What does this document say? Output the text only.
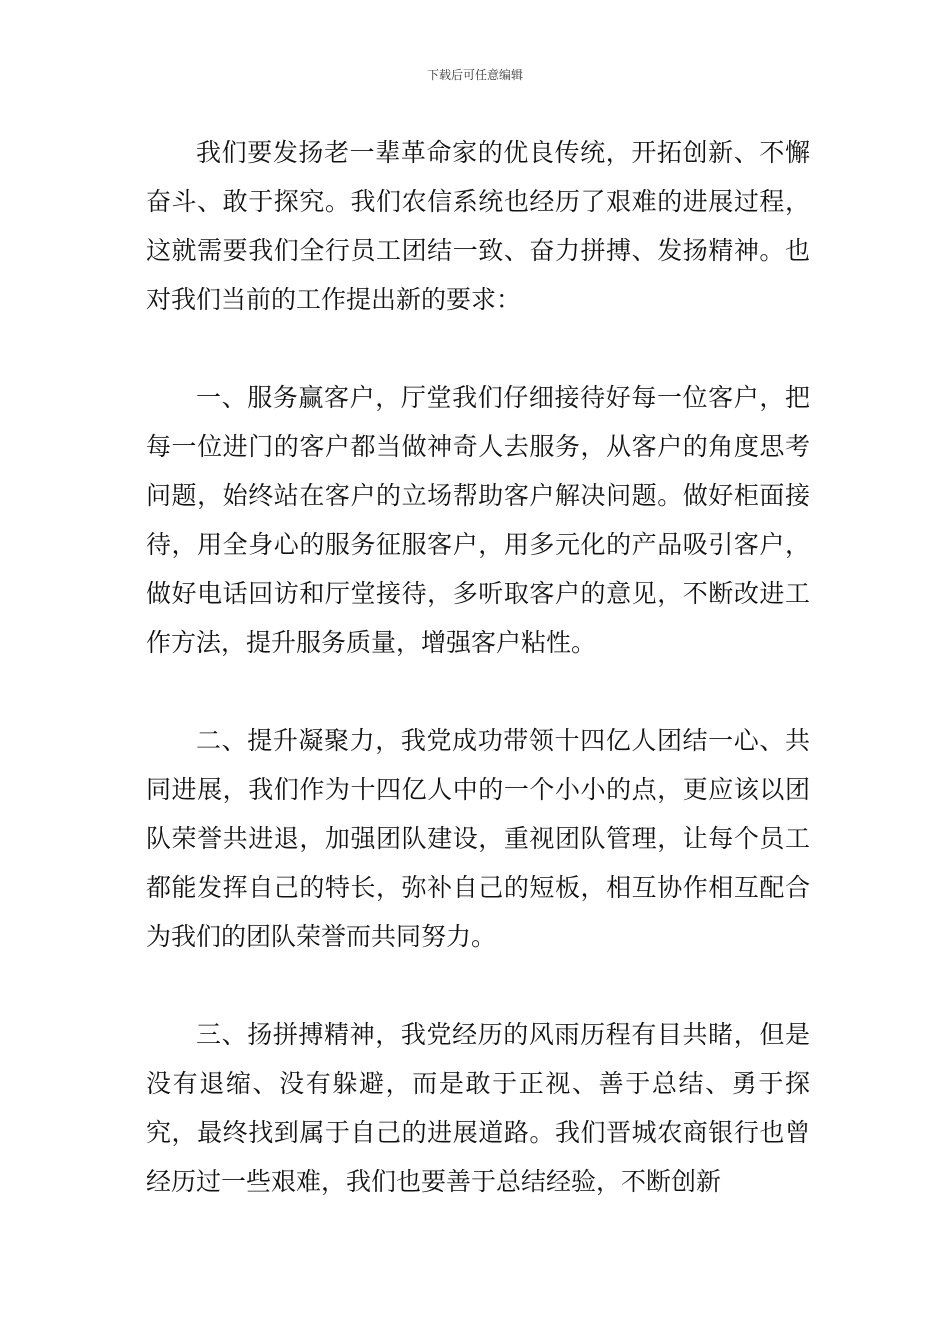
下载后可任意编辑

我们要发扬老一辈革命家的优良传统，开拓创新、不懈奋斗、敢于探究。我们农信系统也经历了艰难的进展过程，这就需要我们全行员工团结一致、奋力拼搏、发扬精神。也对我们当前的工作提出新的要求：

一、服务赢客户，厅堂我们仔细接待好每一位客户，把每一位进门的客户都当做神奇人去服务，从客户的角度思考问题，始终站在客户的立场帮助客户解决问题。做好柜面接待，用全身心的服务征服客户，用多元化的产品吸引客户，做好电话回访和厅堂接待，多听取客户的意见，不断改进工作方法，提升服务质量，增强客户粘性。

二、提升凝聚力，我党成功带领十四亿人团结一心、共同进展，我们作为十四亿人中的一个小小的点，更应该以团队荣誉共进退，加强团队建设，重视团队管理，让每个员工都能发挥自己的特长，弥补自己的短板，相互协作相互配合为我们的团队荣誉而共同努力。

三、扬拼搏精神，我党经历的风雨历程有目共睹，但是没有退缩、没有躲避，而是敢于正视、善于总结、勇于探究，最终找到属于自己的进展道路。我们晋城农商银行也曾经历过一些艰难，我们也要善于总结经验，不断创新
